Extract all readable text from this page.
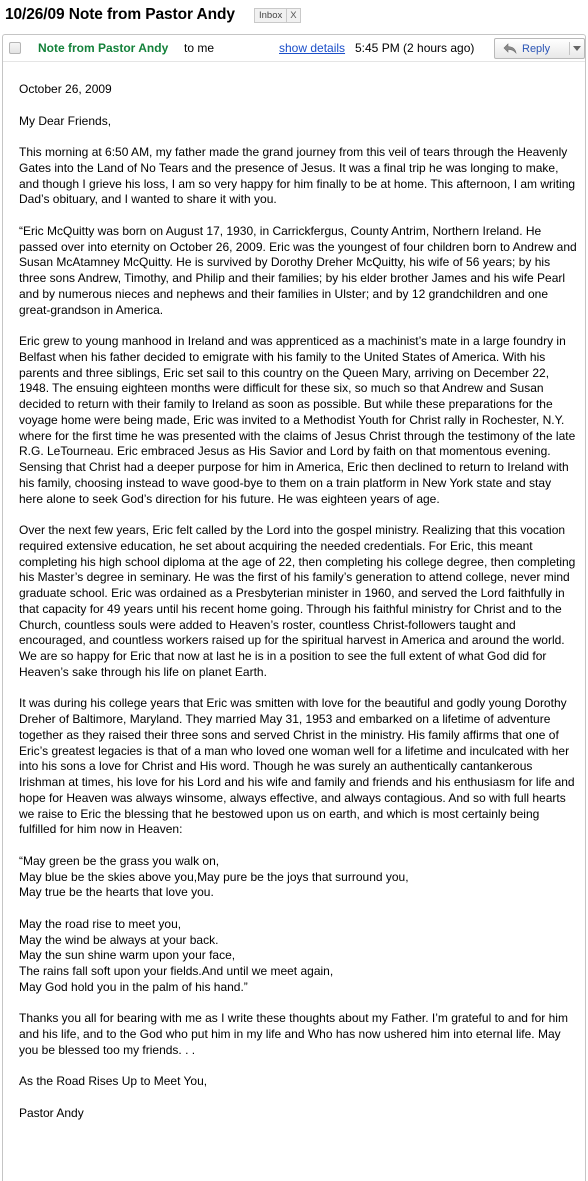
10/26/09 Note from Pastor Andy	Inbox X
Note from Pastor Andy to me	show details 5:45 PM (2 hours ago)	Reply

October 26, 2009

My Dear Friends,

This morning at 6:50 AM, my father made the grand journey from this veil of tears through the Heavenly Gates into the Land of No Tears and the presence of Jesus. It was a final trip he was longing to make, and though I grieve his loss, I am so very happy for him finally to be at home. This afternoon, I am writing Dad’s obituary, and I wanted to share it with you.

“Eric McQuitty was born on August 17, 1930, in Carrickfergus, County Antrim, Northern Ireland. He passed over into eternity on October 26, 2009. Eric was the youngest of four children born to Andrew and Susan McAtamney McQuitty. He is survived by Dorothy Dreher McQuitty, his wife of 56 years; by his three sons Andrew, Timothy, and Philip and their families; by his elder brother James and his wife Pearl and by numerous nieces and nephews and their families in Ulster; and by 12 grandchildren and one great-grandson in America.

Eric grew to young manhood in Ireland and was apprenticed as a machinist’s mate in a large foundry in Belfast when his father decided to emigrate with his family to the United States of America. With his parents and three siblings, Eric set sail to this country on the Queen Mary, arriving on December 22, 1948. The ensuing eighteen months were difficult for these six, so much so that Andrew and Susan decided to return with their family to Ireland as soon as possible. But while these preparations for the voyage home were being made, Eric was invited to a Methodist Youth for Christ rally in Rochester, N.Y. where for the first time he was presented with the claims of Jesus Christ through the testimony of the late R.G. LeTourneau. Eric embraced Jesus as His Savior and Lord by faith on that momentous evening. Sensing that Christ had a deeper purpose for him in America, Eric then declined to return to Ireland with his family, choosing instead to wave good-bye to them on a train platform in New York state and stay here alone to seek God’s direction for his future. He was eighteen years of age.

Over the next few years, Eric felt called by the Lord into the gospel ministry. Realizing that this vocation required extensive education, he set about acquiring the needed credentials. For Eric, this meant completing his high school diploma at the age of 22, then completing his college degree, then completing his Master’s degree in seminary. He was the first of his family’s generation to attend college, never mind graduate school. Eric was ordained as a Presbyterian minister in 1960, and served the Lord faithfully in that capacity for 49 years until his recent home going. Through his faithful ministry for Christ and to the Church, countless souls were added to Heaven’s roster, countless Christ-followers taught and encouraged, and countless workers raised up for the spiritual harvest in America and around the world. We are so happy for Eric that now at last he is in a position to see the full extent of what God did for Heaven’s sake through his life on planet Earth.

It was during his college years that Eric was smitten with love for the beautiful and godly young Dorothy Dreher of Baltimore, Maryland. They married May 31, 1953 and embarked on a lifetime of adventure together as they raised their three sons and served Christ in the ministry. His family affirms that one of Eric’s greatest legacies is that of a man who loved one woman well for a lifetime and inculcated with her into his sons a love for Christ and His word. Though he was surely an authentically cantankerous Irishman at times, his love for his Lord and his wife and family and friends and his enthusiasm for life and hope for Heaven was always winsome, always effective, and always contagious. And so with full hearts we raise to Eric the blessing that he bestowed upon us on earth, and which is most certainly being fulfilled for him now in Heaven:

“May green be the grass you walk on,
May blue be the skies above you,May pure be the joys that surround you,
May true be the hearts that love you.

May the road rise to meet you,
May the wind be always at your back.
May the sun shine warm upon your face,
The rains fall soft upon your fields.And until we meet again,
May God hold you in the palm of his hand.”

Thanks you all for bearing with me as I write these thoughts about my Father. I’m grateful to and for him and his life, and to the God who put him in my life and Who has now ushered him into eternal life. May you be blessed too my friends. . .

As the Road Rises Up to Meet You,

Pastor Andy
